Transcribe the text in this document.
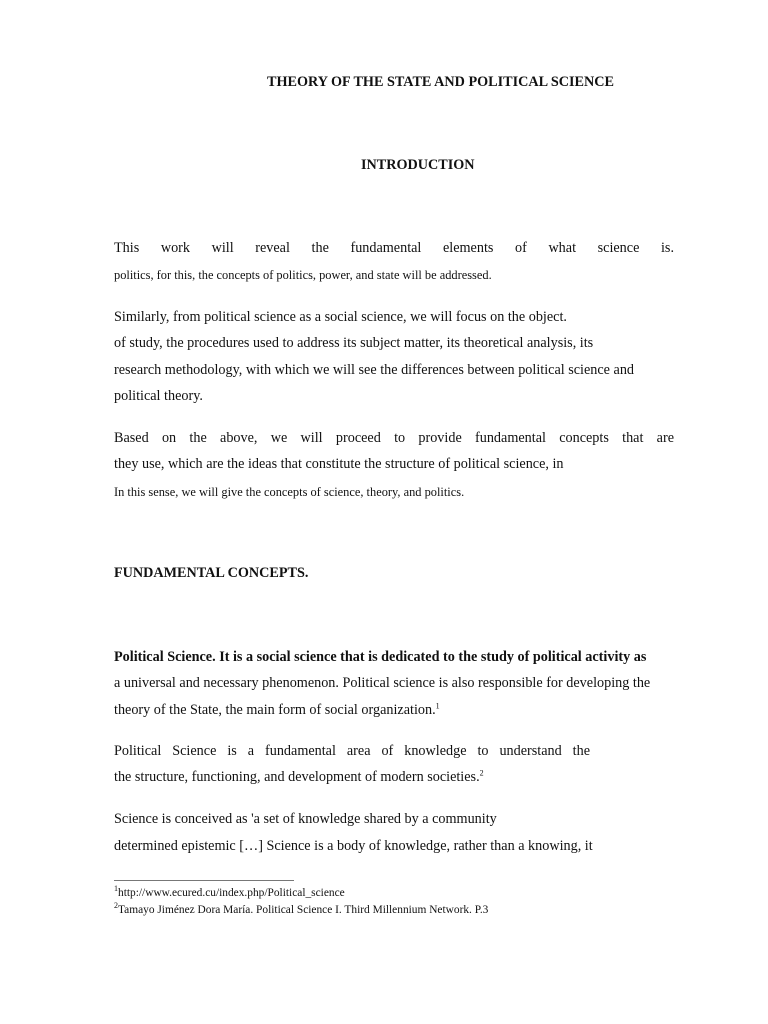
THEORY OF THE STATE AND POLITICAL SCIENCE
INTRODUCTION
This work will reveal the fundamental elements of what science is.
politics, for this, the concepts of politics, power, and state will be addressed.
Similarly, from political science as a social science, we will focus on the object.
of study, the procedures used to address its subject matter, its theoretical analysis, its
research methodology, with which we will see the differences between political science and
political theory.
Based on the above, we will proceed to provide fundamental concepts that are
they use, which are the ideas that constitute the structure of political science, in
In this sense, we will give the concepts of science, theory, and politics.
FUNDAMENTAL CONCEPTS.
Political Science. It is a social science that is dedicated to the study of political activity as
a universal and necessary phenomenon. Political science is also responsible for developing the
theory of the State, the main form of social organization.$^1$
Political Science is a fundamental area of knowledge to understand the
the structure, functioning, and development of modern societies.$^2$
Science is conceived as 'a set of knowledge shared by a community
determined epistemic […] Science is a body of knowledge, rather than a knowing, it
$^1$http://www.ecured.cu/index.php/Political_science
$^2$Tamayo Jiménez Dora María. Political Science I. Third Millennium Network. P.3
